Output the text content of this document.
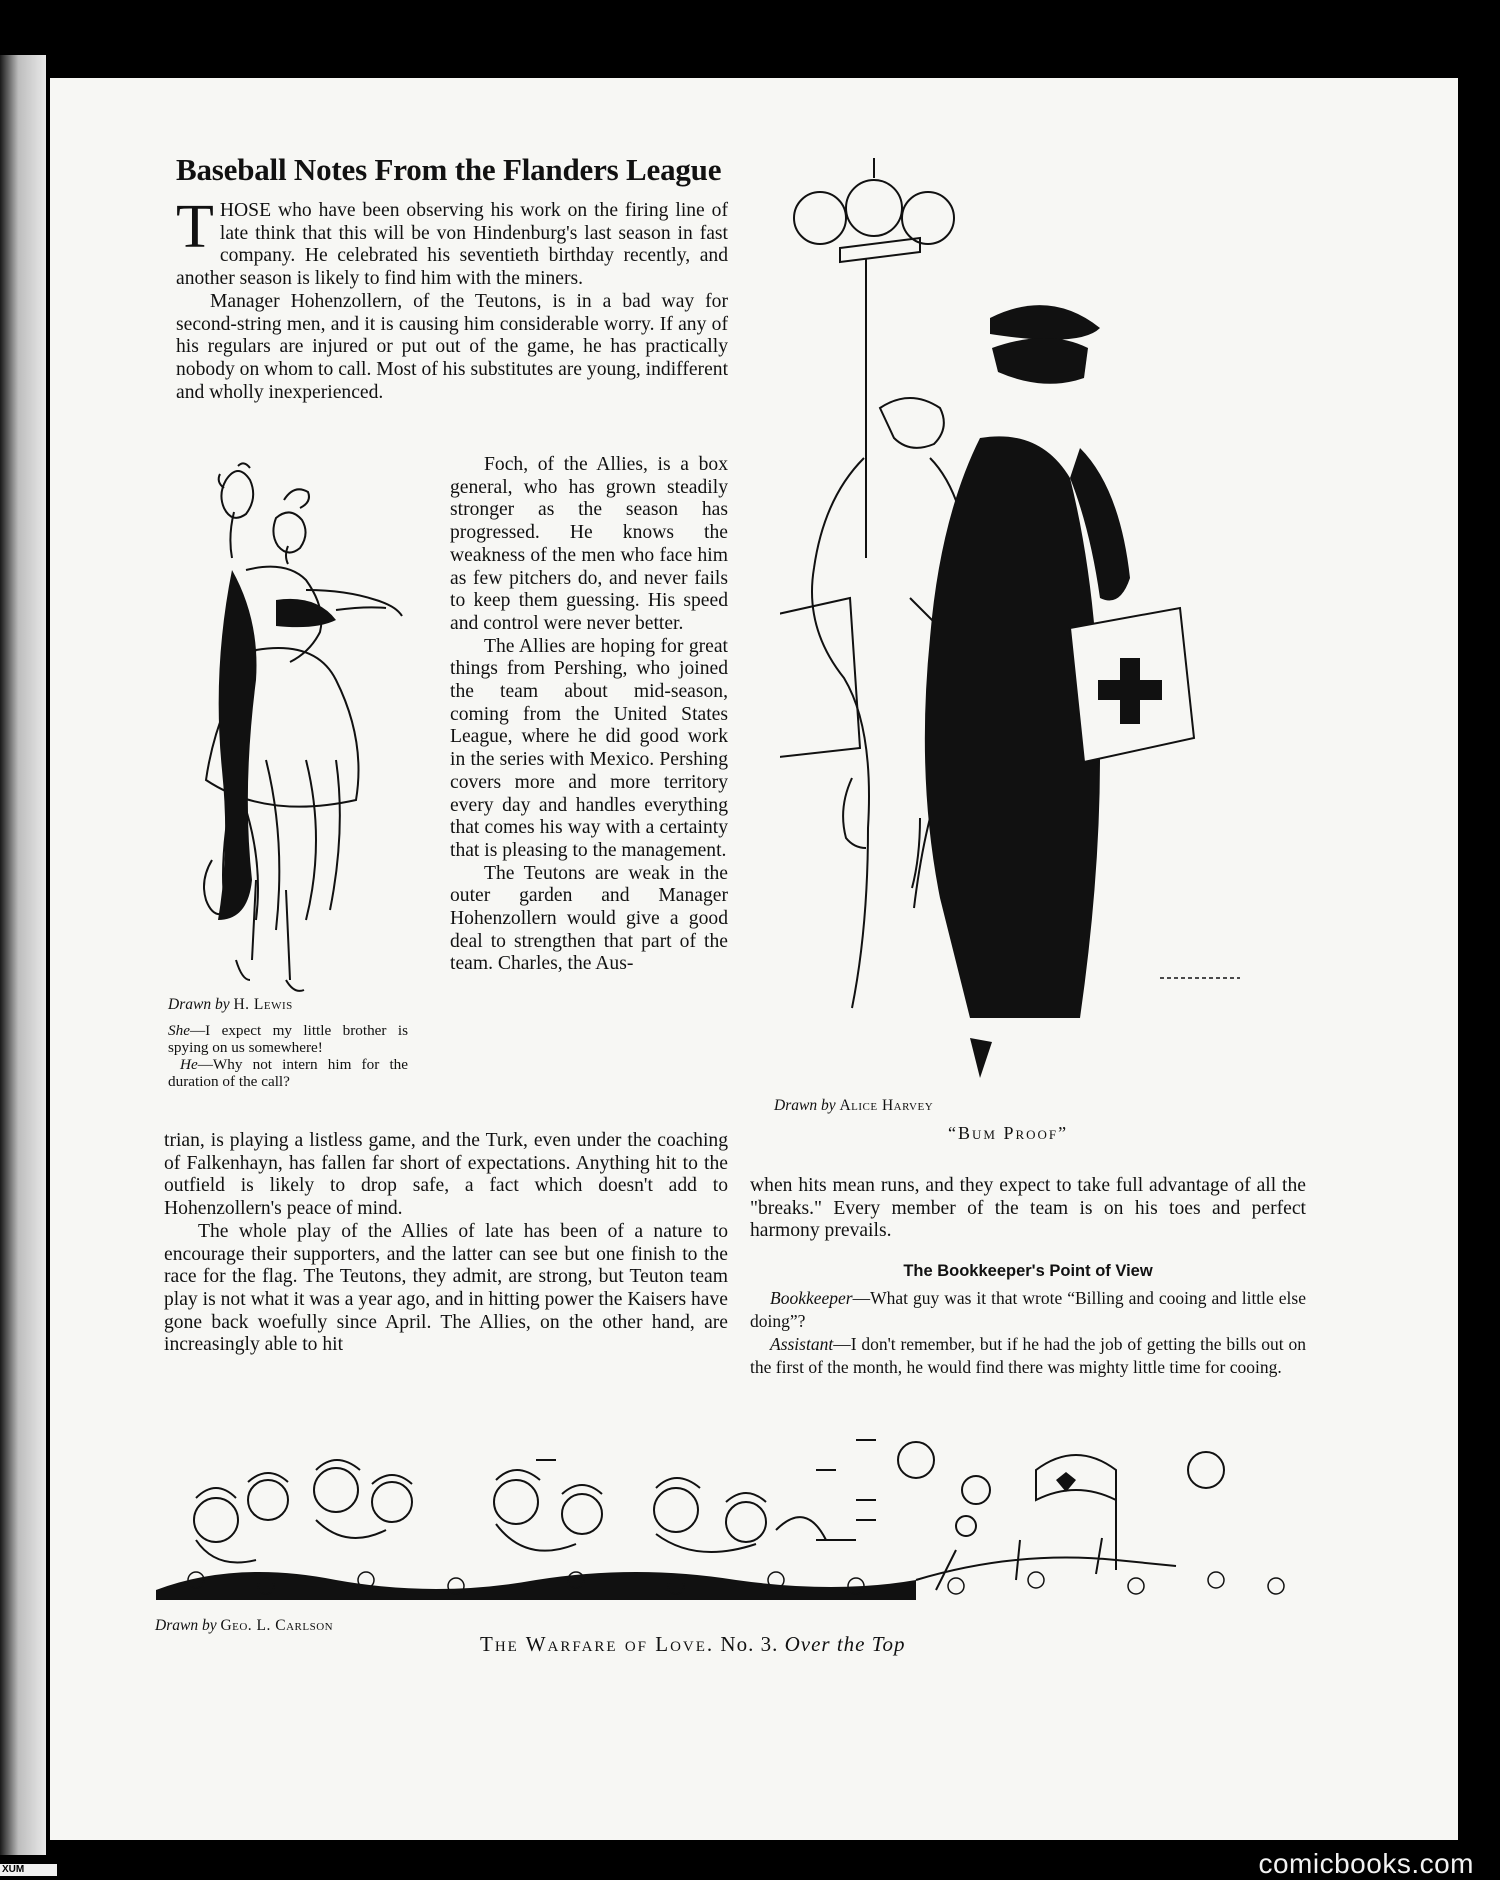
Baseball Notes From the Flanders League

THOSE who have been observing his work on the firing line of late think that this will be von Hindenburg's last season in fast company. He celebrated his seventieth birthday recently, and another season is likely to find him with the miners.

Manager Hohenzollern, of the Teutons, is in a bad way for second-string men, and it is causing him considerable worry. If any of his regulars are injured or put out of the game, he has practically nobody on whom to call. Most of his substitutes are young, indifferent and wholly inexperienced.

Foch, of the Allies, is a box general, who has grown steadily stronger as the season has progressed. He knows the weakness of the men who face him as few pitchers do, and never fails to keep them guessing. His speed and control were never better.

The Allies are hoping for great things from Pershing, who joined the team about mid-season, coming from the United States League, where he did good work in the series with Mexico. Pershing covers more and more territory every day and handles everything that comes his way with a certainty that is pleasing to the management.

The Teutons are weak in the outer garden and Manager Hohenzollern would give a good deal to strengthen that part of the team. Charles, the Aus-

Drawn by H. Lewis

She—I expect my little brother is spying on us somewhere!

He—Why not intern him for the duration of the call?

trian, is playing a listless game, and the Turk, even under the coaching of Falkenhayn, has fallen far short of expectations. Anything hit to the outfield is likely to drop safe, a fact which doesn't add to Hohenzollern's peace of mind.

The whole play of the Allies of late has been of a nature to encourage their supporters, and the latter can see but one finish to the race for the flag. The Teutons, they admit, are strong, but Teuton team play is not what it was a year ago, and in hitting power the Kaisers have gone back woefully since April. The Allies, on the other hand, are increasingly able to hit

Drawn by Alice Harvey
“Bum Proof”

when hits mean runs, and they expect to take full advantage of all the "breaks." Every member of the team is on his toes and perfect harmony prevails.

The Bookkeeper's Point of View

Bookkeeper—What guy was it that wrote “Billing and cooing and little else doing”?

Assistant—I don't remember, but if he had the job of getting the bills out on the first of the month, he would find there was mighty little time for cooing.

Drawn by Geo. L. Carlson
The Warfare of Love. No. 3. Over the Top
comicbooks.com
XUM
